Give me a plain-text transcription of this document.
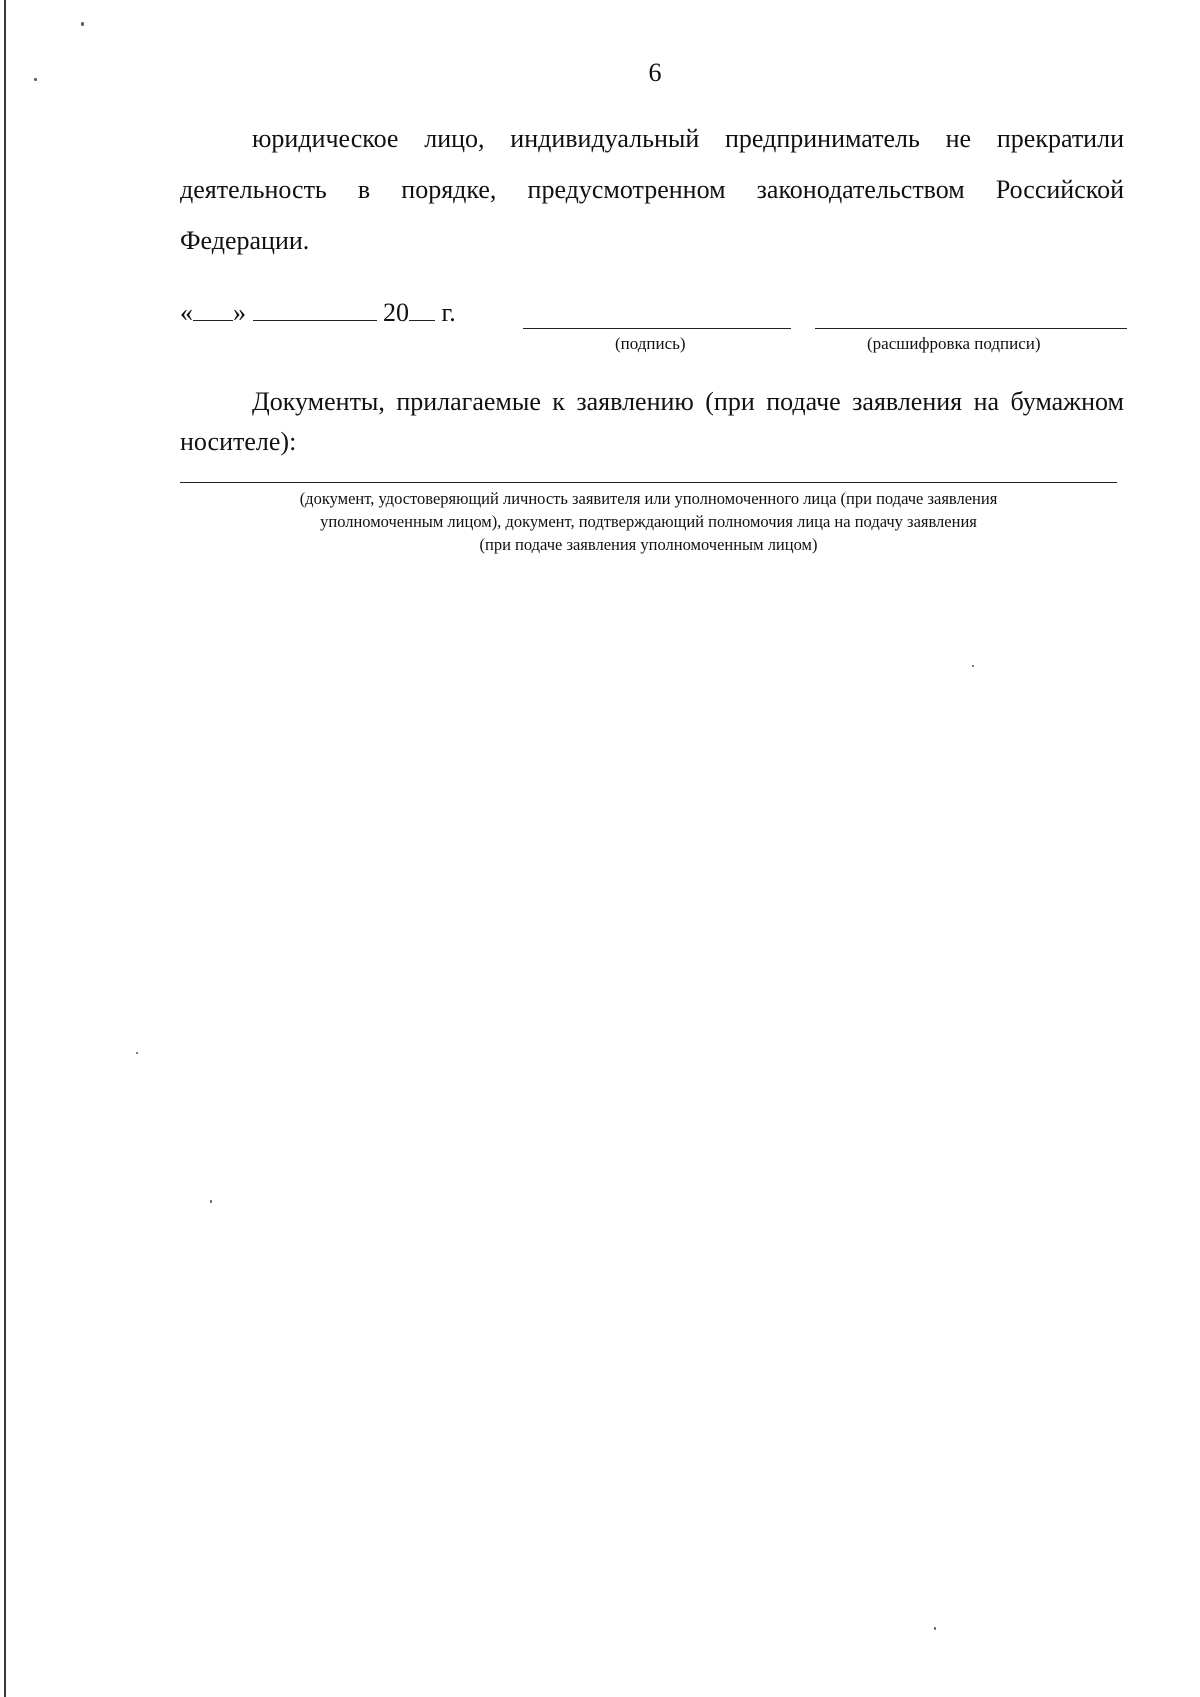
6

юридическое лицо, индивидуальный предприниматель не прекратили деятельность в порядке, предусмотренном законодательством Российской Федерации.

« »	20 г.
(подпись)	(расшифровка подписи)

Документы, прилагаемые к заявлению (при подаче заявления на бумажном носителе):

(документ, удостоверяющий личность заявителя или уполномоченного лица (при подаче заявления
уполномоченным лицом), документ, подтверждающий полномочия лица на подачу заявления
(при подаче заявления уполномоченным лицом)
